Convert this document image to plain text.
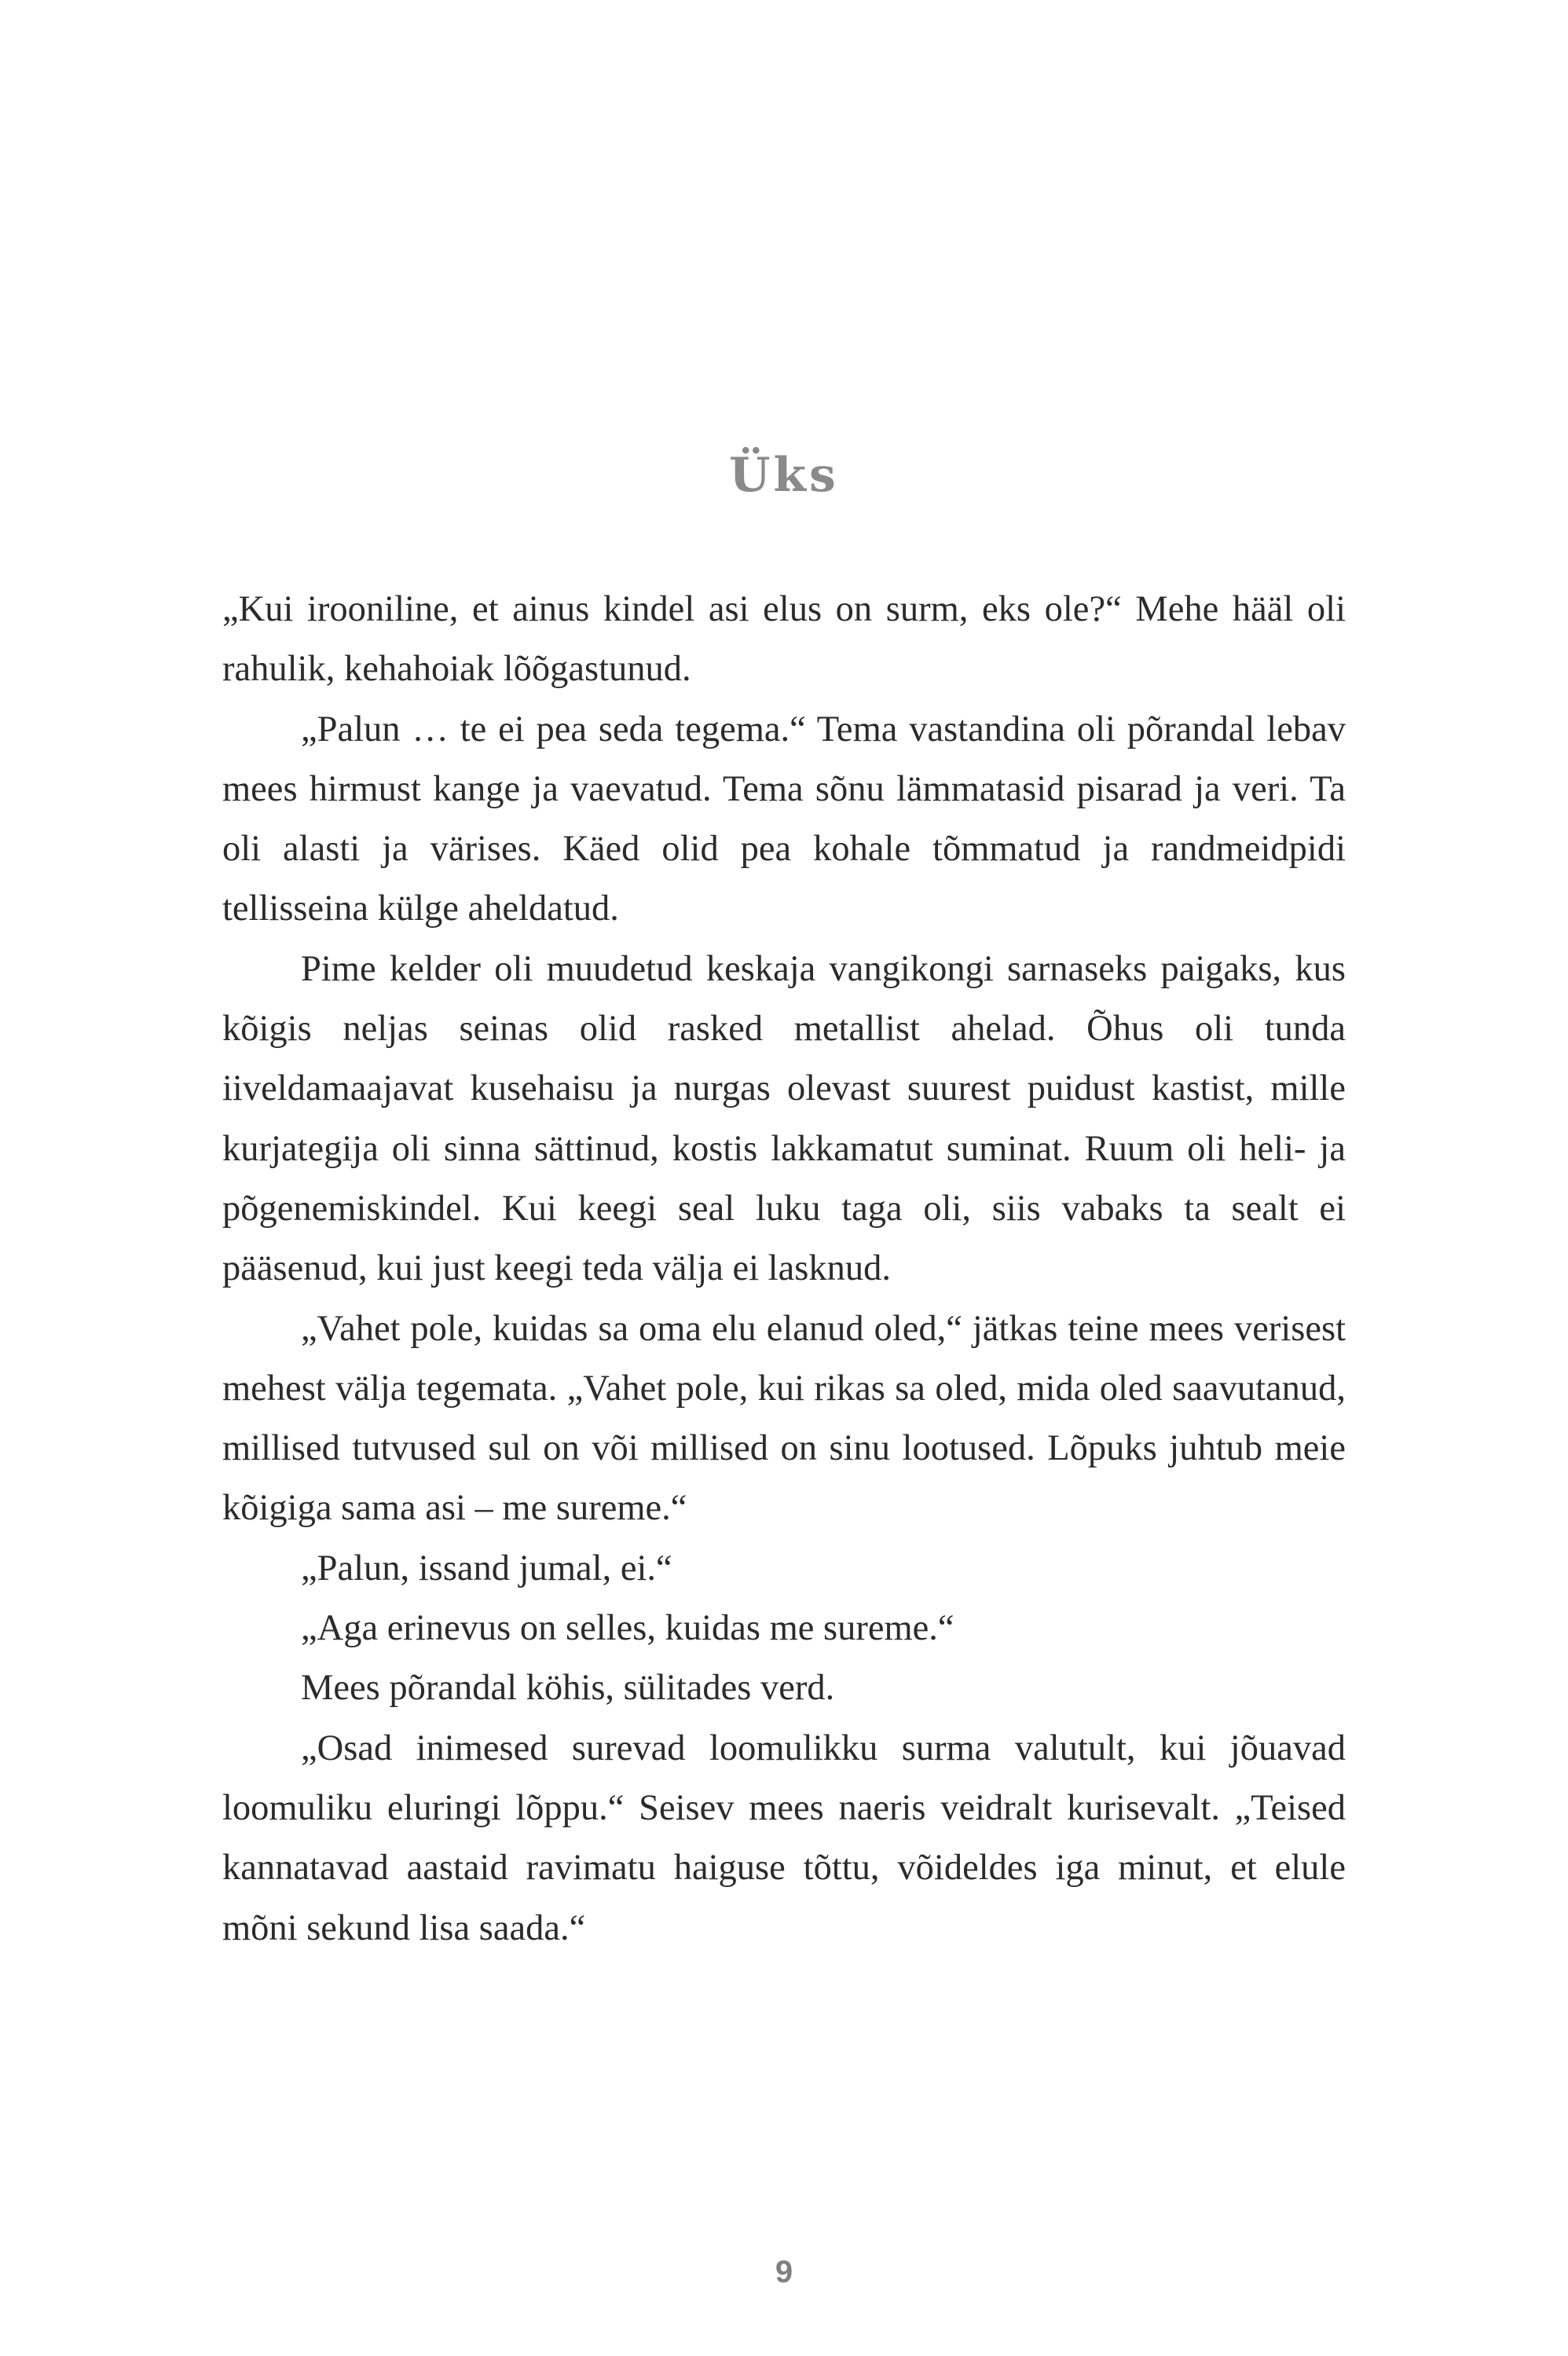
Üks

„Kui irooniline, et ainus kindel asi elus on surm, eks ole?“ Mehe hääl oli rahulik, kehahoiak lõõgastunud.

„Palun … te ei pea seda tegema.“ Tema vastandina oli põrandal lebav mees hirmust kange ja vaevatud. Tema sõnu lämmatasid pisarad ja veri. Ta oli alasti ja värises. Käed olid pea kohale tõmmatud ja randmeidpidi tellisseina külge aheldatud.

Pime kelder oli muudetud keskaja vangikongi sarnaseks paigaks, kus kõigis neljas seinas olid rasked metallist ahelad. Õhus oli tunda iiveldamaajavat kusehaisu ja nurgas olevast suurest puidust kastist, mille kurjategija oli sinna sättinud, kostis lakkamatut suminat. Ruum oli heli- ja põgenemiskindel. Kui keegi seal luku taga oli, siis vabaks ta sealt ei pääsenud, kui just keegi teda välja ei lasknud.

„Vahet pole, kuidas sa oma elu elanud oled,“ jätkas teine mees verisest mehest välja tegemata. „Vahet pole, kui rikas sa oled, mida oled saavutanud, millised tutvused sul on või millised on sinu lootused. Lõpuks juhtub meie kõigiga sama asi – me sureme.“

„Palun, issand jumal, ei.“

„Aga erinevus on selles, kuidas me sureme.“

Mees põrandal köhis, sülitades verd.

„Osad inimesed surevad loomulikku surma valutult, kui jõuavad loomuliku eluringi lõppu.“ Seisev mees naeris veidralt kurisevalt. „Teised kannatavad aastaid ravimatu haiguse tõttu, võideldes iga minut, et elule mõni sekund lisa saada.“

9
